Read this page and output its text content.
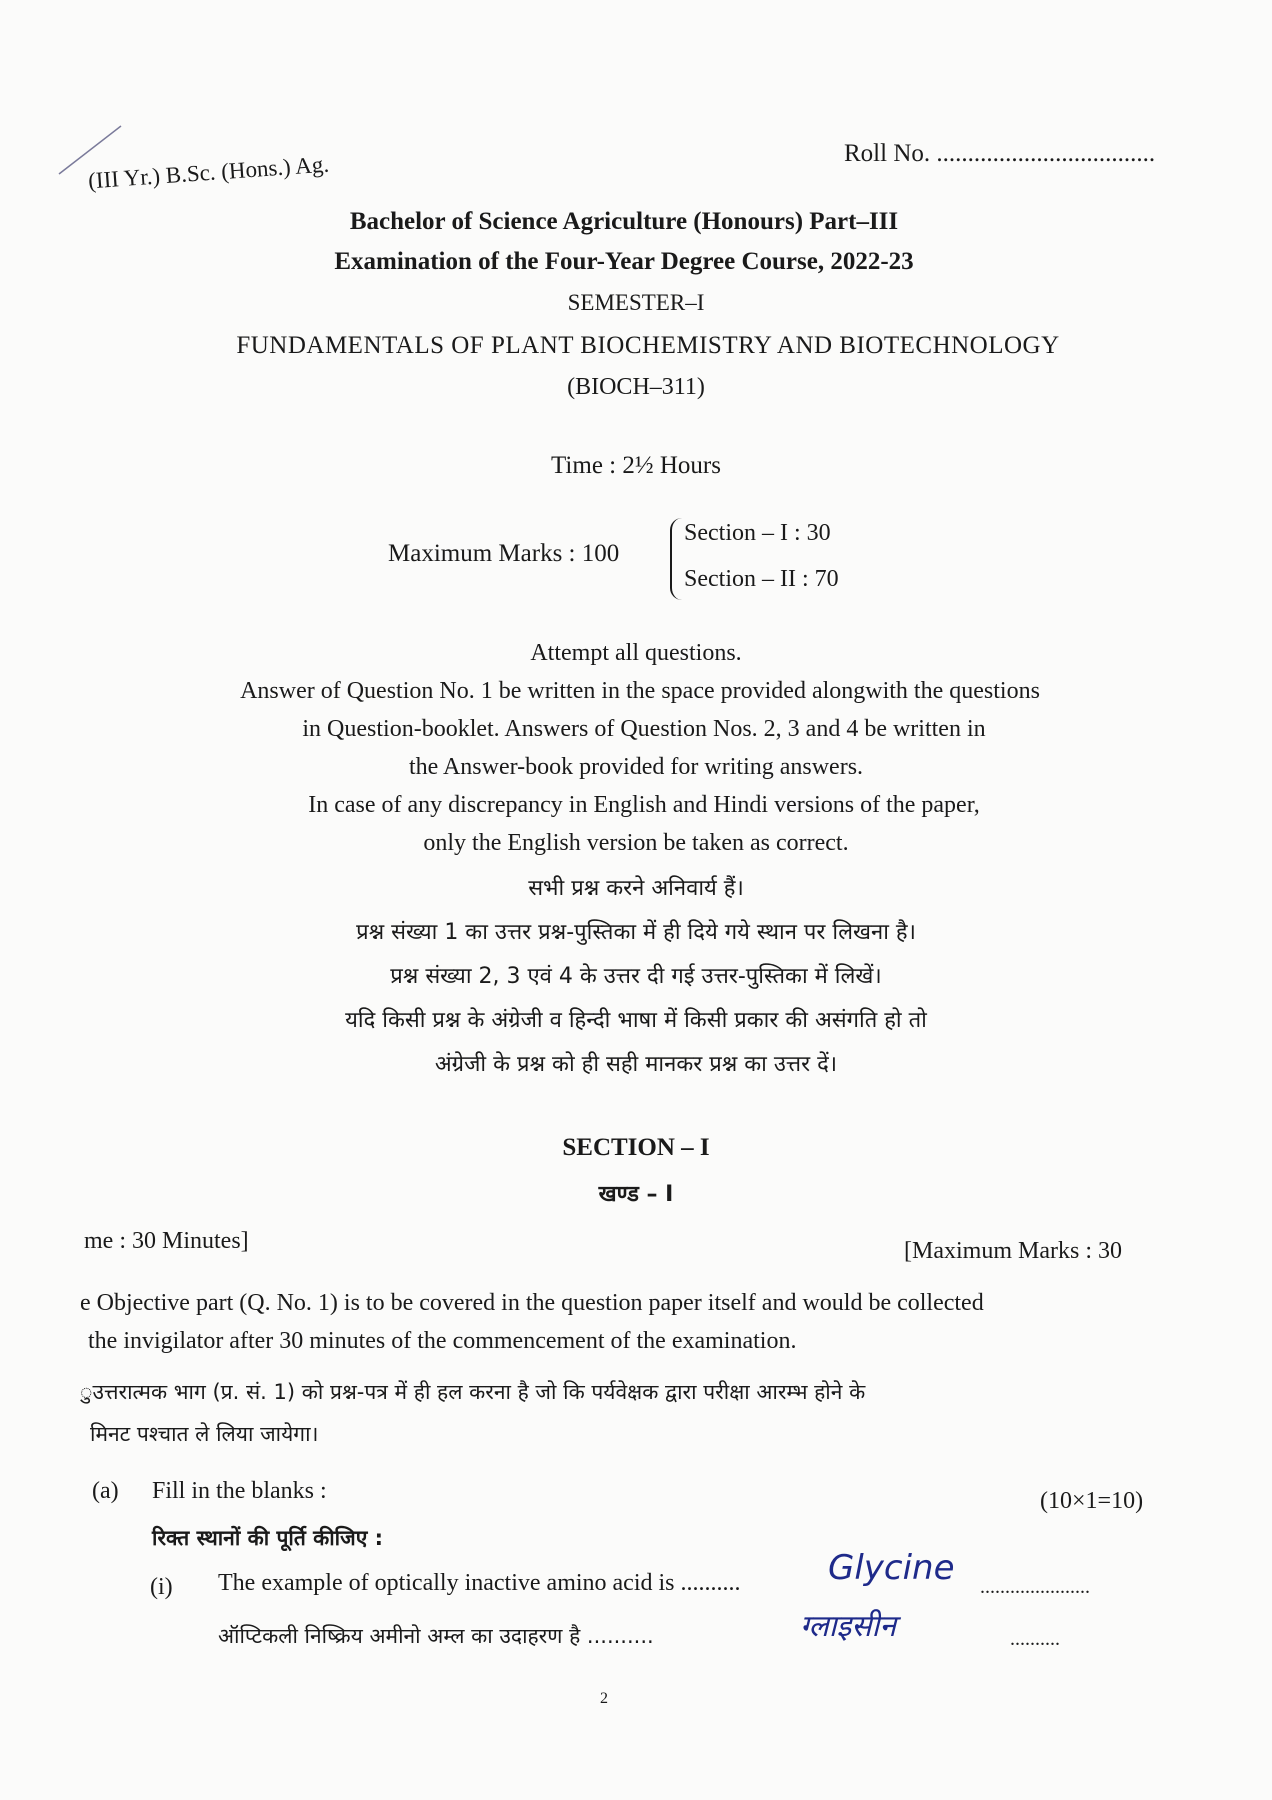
Roll No. ...................................
(III Yr.) B.Sc. (Hons.) Ag.
Bachelor of Science Agriculture (Honours) Part–III
Examination of the Four-Year Degree Course, 2022-23
SEMESTER–I
FUNDAMENTALS OF PLANT BIOCHEMISTRY AND BIOTECHNOLOGY
(BIOCH–311)
Time : 2½ Hours
Maximum Marks : 100
Section – I : 30
Section – II : 70
Attempt all questions.
Answer of Question No. 1 be written in the space provided alongwith the questions
in Question-booklet. Answers of Question Nos. 2, 3 and 4 be written in
the Answer-book provided for writing answers.
In case of any discrepancy in English and Hindi versions of the paper,
only the English version be taken as correct.
सभी प्रश्न करने अनिवार्य हैं।
प्रश्न संख्या 1 का उत्तर प्रश्न-पुस्तिका में ही दिये गये स्थान पर लिखना है।
प्रश्न संख्या 2, 3 एवं 4 के उत्तर दी गई उत्तर-पुस्तिका में लिखें।
यदि किसी प्रश्न के अंग्रेजी व हिन्दी भाषा में किसी प्रकार की असंगति हो तो
अंग्रेजी के प्रश्न को ही सही मानकर प्रश्न का उत्तर दें।
SECTION – I
खण्ड – I
me : 30 Minutes]	[Maximum Marks : 30
e Objective part (Q. No. 1) is to be covered in the question paper itself and would be collected
the invigilator after 30 minutes of the commencement of the examination.
ुउत्तरात्मक भाग (प्र. सं. 1) को प्रश्न-पत्र में ही हल करना है जो कि पर्यवेक्षक द्वारा परीक्षा आरम्भ होने के
मिनट पश्चात ले लिया जायेगा।
(a) Fill in the blanks :	(10×1=10)
रिक्त स्थानों की पूर्ति कीजिए :
(i) The example of optically inactive amino acid is ..........	Glycine ......................
ऑप्टिकली निष्क्रिय अमीनो अम्ल का उदाहरण है ..........	ग्लाइसीन	..........
2
